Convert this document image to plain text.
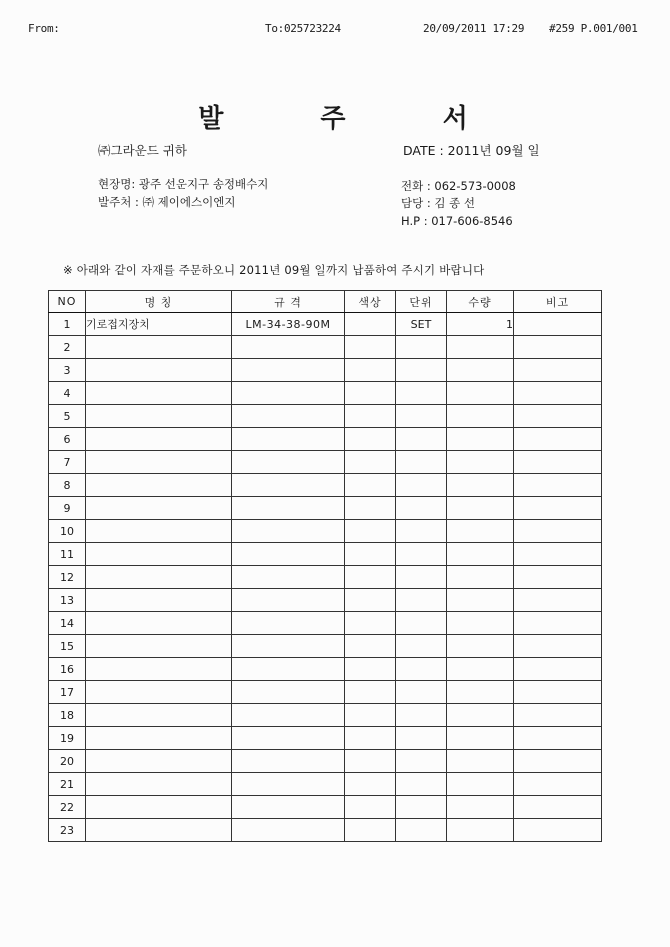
From:	To:025723224	20/09/2011 17:29 #259 P.001/001
발 주 서
㈜그라운드 귀하	DATE : 2011년 09월 일
현장명: 광주 선운지구 송정배수지
발주처 : ㈜ 제이에스이엔지
전화 : 062-573-0008
담당 : 김 종 선
H.P : 017-606-8546
※ 아래와 같이 자재를 주문하오니 2011년 09월 일까지 납품하여 주시기 바랍니다
NO	명 칭	규 격	색상	단위	수량	비고
1	기로접지장치	LM-34-38-90M		SET	1	
2						
3						
4						
5						
6						
7						
8						
9						
10						
11						
12						
13						
14						
15						
16						
17						
18						
19						
20						
21						
22						
23						
